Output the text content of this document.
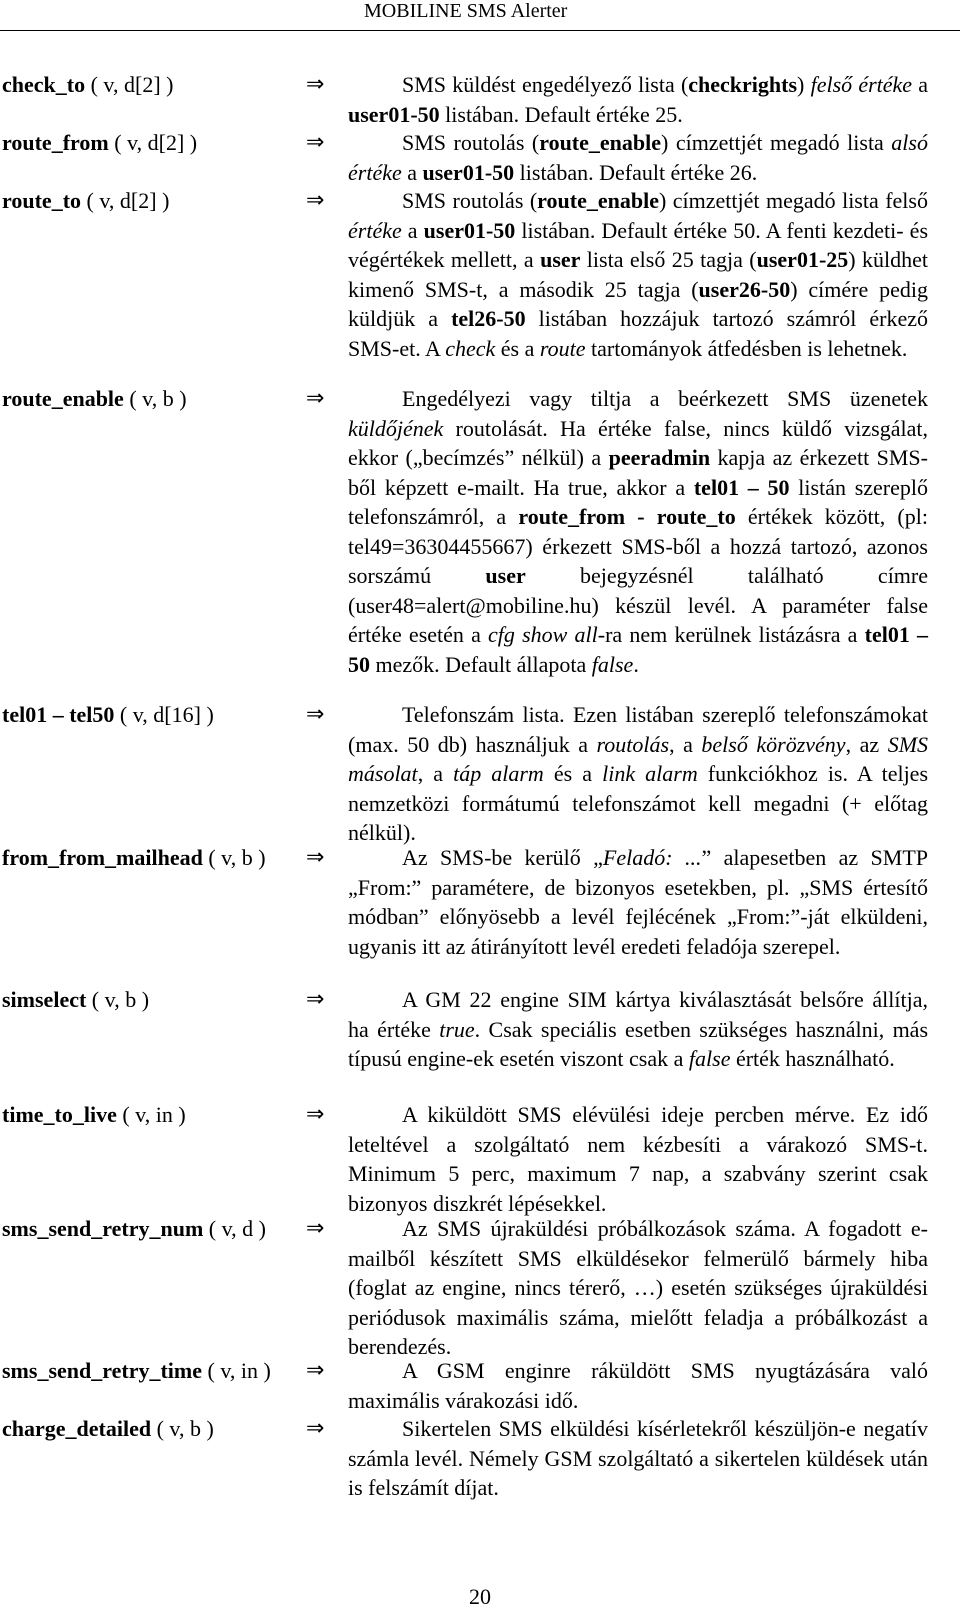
MOBILINE SMS Alerter
check_to ( v, d[2] )	⇒	SMS küldést engedélyező lista (checkrights) felső értéke a user01-50 listában. Default értéke 25.
route_from ( v, d[2] )	⇒	SMS routolás (route_enable) címzettjét megadó lista alsó értéke a user01-50 listában. Default értéke 26.
route_to ( v, d[2] )	⇒	SMS routolás (route_enable) címzettjét megadó lista felső értéke a user01-50 listában. Default értéke 50. A fenti kezdeti- és végértékek mellett, a user lista első 25 tagja (user01-25) küldhet kimenő SMS-t, a második 25 tagja (user26-50) címére pedig küldjük a tel26-50 listában hozzájuk tartozó számról érkező SMS-et. A check és a route tartományok átfedésben is lehetnek.
route_enable ( v, b )	⇒	Engedélyezi vagy tiltja a beérkezett SMS üzenetek küldőjének routolását. Ha értéke false, nincs küldő vizsgálat, ekkor („becímzés” nélkül) a peeradmin kapja az érkezett SMS-ből képzett e-mailt. Ha true, akkor a tel01 – 50 listán szereplő telefonszámról, a route_from - route_to értékek között, (pl: tel49=36304455667) érkezett SMS-ből a hozzá tartozó, azonos sorszámú user bejegyzésnél található címre (user48=alert@mobiline.hu) készül levél. A paraméter false értéke esetén a cfg show all-ra nem kerülnek listázásra a tel01 – 50 mezők. Default állapota false.
tel01 – tel50 ( v, d[16] )	⇒	Telefonszám lista. Ezen listában szereplő telefonszámokat (max. 50 db) használjuk a routolás, a belső körözvény, az SMS másolat, a táp alarm és a link alarm funkciókhoz is. A teljes nemzetközi formátumú telefonszámot kell megadni (+ előtag nélkül).
from_from_mailhead ( v, b ) ⇒	Az SMS-be kerülő „Feladó: ...” alapesetben az SMTP „From:” paramétere, de bizonyos esetekben, pl. „SMS értesítő módban” előnyösebb a levél fejlécének „From:”-ját elküldeni, ugyanis itt az átirányított levél eredeti feladója szerepel.
simselect ( v, b )	⇒	A GM 22 engine SIM kártya kiválasztását belsőre állítja, ha értéke true. Csak speciális esetben szükséges használni, más típusú engine-ek esetén viszont csak a false érték használható.
time_to_live ( v, in )	⇒	A kiküldött SMS elévülési ideje percben mérve. Ez idő leteltével a szolgáltató nem kézbesíti a várakozó SMS-t. Minimum 5 perc, maximum 7 nap, a szabvány szerint csak bizonyos diszkrét lépésekkel.
sms_send_retry_num ( v, d ) ⇒	Az SMS újraküldési próbálkozások száma. A fogadott e-mailből készített SMS elküldésekor felmerülő bármely hiba (foglat az engine, nincs térerő, …) esetén szükséges újraküldési periódusok maximális száma, mielőtt feladja a próbálkozást a berendezés.
sms_send_retry_time ( v, in ) ⇒	A GSM enginre ráküldött SMS nyugtázására való maximális várakozási idő.
charge_detailed ( v, b )	⇒	Sikertelen SMS elküldési kísérletekről készüljön-e negatív számla levél. Némely GSM szolgáltató a sikertelen küldések után is felszámít díjat.
20
